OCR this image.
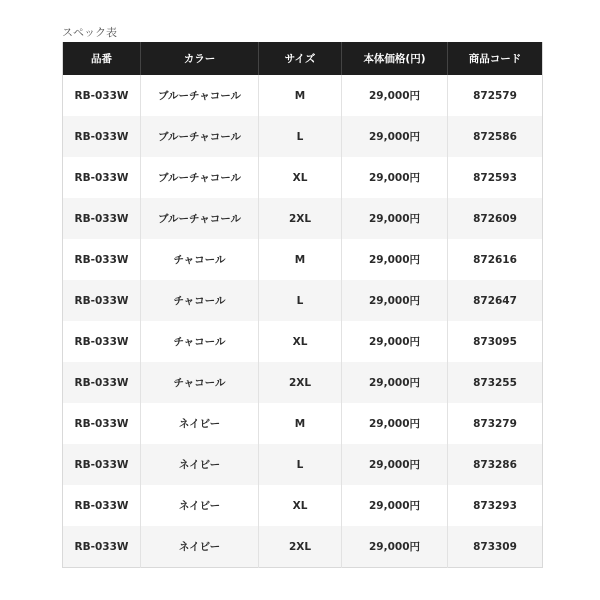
スペック表
品番	カラー	サイズ	本体価格(円)	商品コード
RB-033W	ブルーチャコール	M	29,000円	872579
RB-033W	ブルーチャコール	L	29,000円	872586
RB-033W	ブルーチャコール	XL	29,000円	872593
RB-033W	ブルーチャコール	2XL	29,000円	872609
RB-033W	チャコール	M	29,000円	872616
RB-033W	チャコール	L	29,000円	872647
RB-033W	チャコール	XL	29,000円	873095
RB-033W	チャコール	2XL	29,000円	873255
RB-033W	ネイビー	M	29,000円	873279
RB-033W	ネイビー	L	29,000円	873286
RB-033W	ネイビー	XL	29,000円	873293
RB-033W	ネイビー	2XL	29,000円	873309
